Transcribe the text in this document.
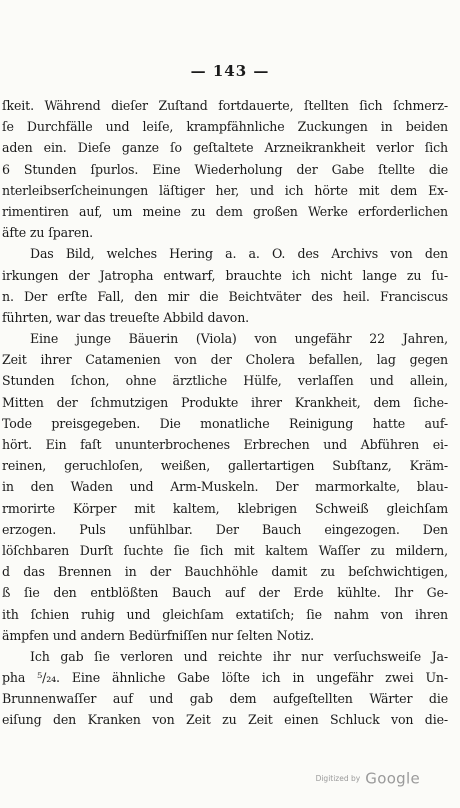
— 143 —
ſkeit. Während dieſer Zuſtand fortdauerte, ſtellten ſich ſchmerz-
ſe Durchfälle und leiſe, krampfähnliche Zuckungen in beiden
aden ein. Dieſe ganze ſo geſtaltete Arzneikrankheit verlor ſich
6 Stunden ſpurlos. Eine Wiederholung der Gabe ſtellte die
nterleibserſcheinungen läſtiger her, und ich hörte mit dem Ex-
rimentiren auf, um meine zu dem großen Werke erforderlichen
äfte zu ſparen.
Das Bild, welches Hering a. a. O. des Archivs von den
irkungen der Jatropha entwarf, brauchte ich nicht lange zu ſu-
n. Der erſte Fall, den mir die Beichtväter des heil. Franciscus
führten, war das treueſte Abbild davon.
Eine junge Bäuerin (Viola) von ungefähr 22 Jahren,
Zeit ihrer Catamenien von der Cholera befallen, lag gegen
Stunden ſchon, ohne ärztliche Hülfe, verlaſſen und allein,
Mitten der ſchmutzigen Produkte ihrer Krankheit, dem ſiche-
Tode preisgegeben. Die monatliche Reinigung hatte auf-
hört. Ein faſt ununterbrochenes Erbrechen und Abführen ei-
reinen, geruchloſen, weißen, gallertartigen Subſtanz, Kräm-
in den Waden und Arm-Muskeln. Der marmorkalte, blau-
rmorirte Körper mit kaltem, klebrigen Schweiß gleichſam
erzogen. Puls unfühlbar. Der Bauch eingezogen. Den
löſchbaren Durſt ſuchte ſie ſich mit kaltem Waſſer zu mildern,
d das Brennen in der Bauchhöhle damit zu beſchwichtigen,
ß ſie den entblößten Bauch auf der Erde kühlte. Ihr Ge-
ith ſchien ruhig und gleichſam extatiſch; ſie nahm von ihren
ämpfen und andern Bedürfniſſen nur ſelten Notiz.
Ich gab ſie verloren und reichte ihr nur verſuchsweiſe Ja-
pha ⁵/₂₄. Eine ähnliche Gabe löſte ich in ungefähr zwei Un-
Brunnenwaſſer auf und gab dem aufgeſtellten Wärter die
eiſung den Kranken von Zeit zu Zeit einen Schluck von die-
Digitized by Google
